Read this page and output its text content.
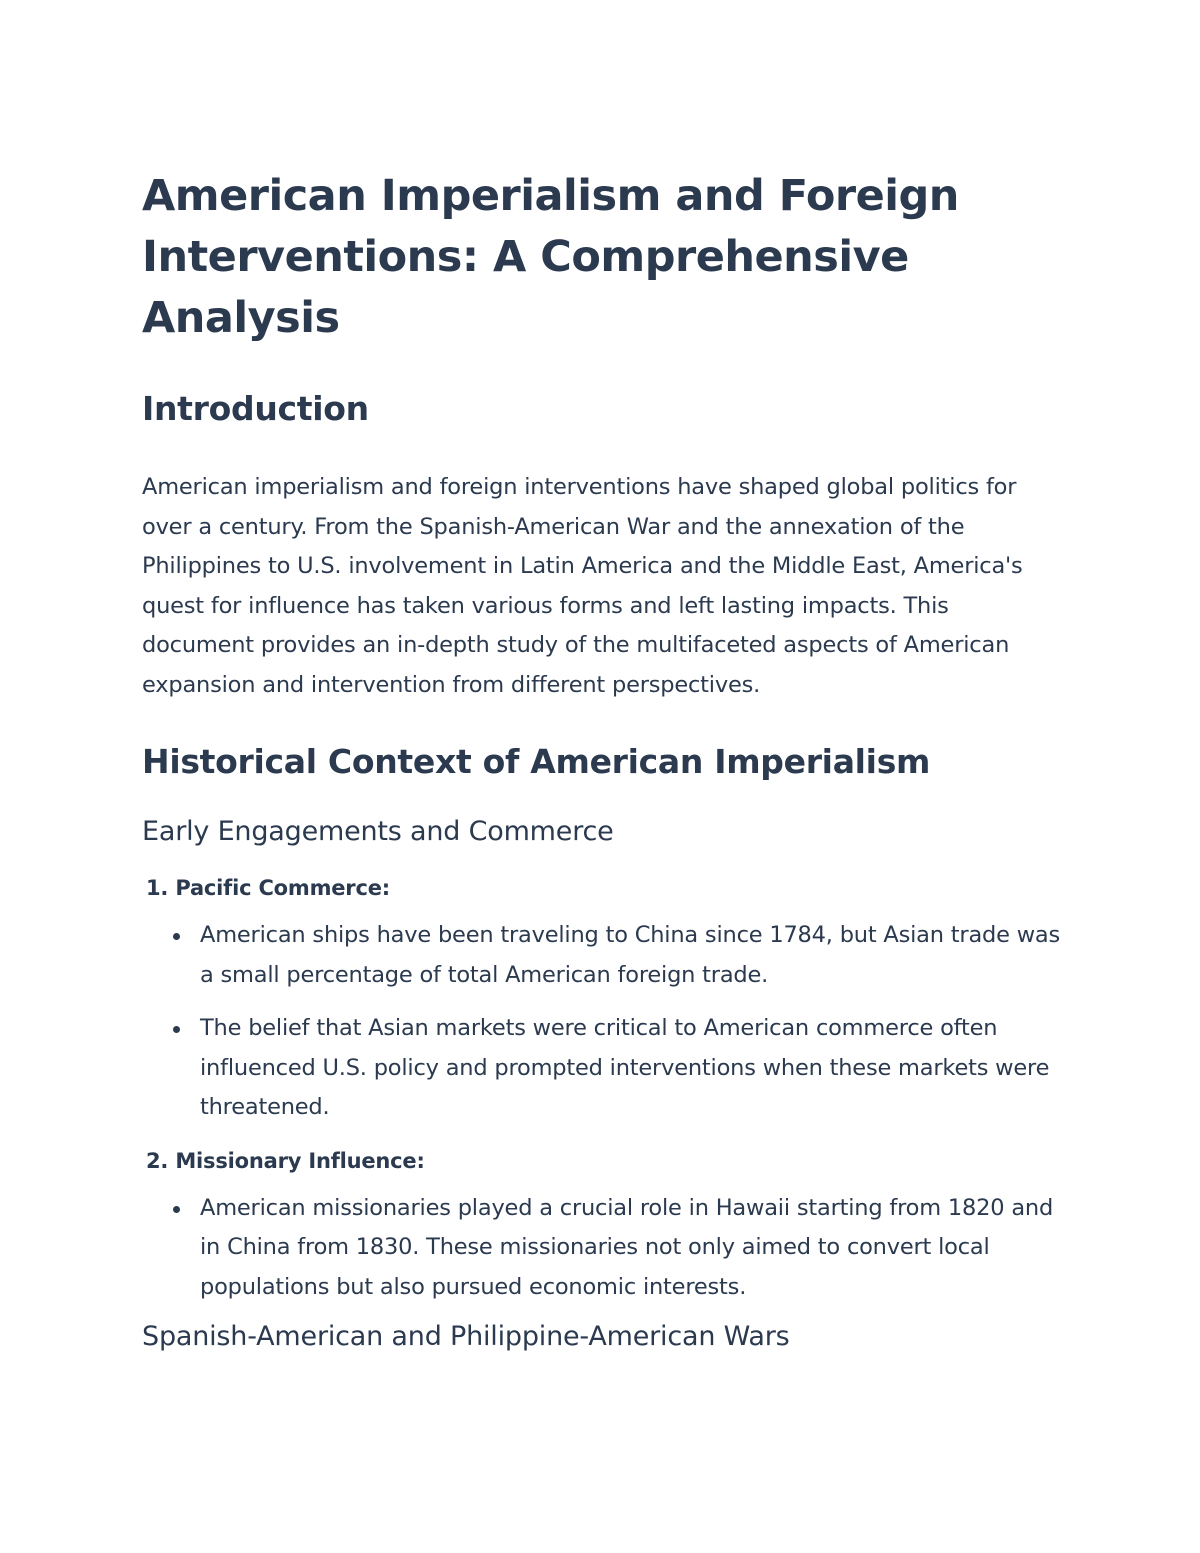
American Imperialism and Foreign Interventions: A Comprehensive Analysis
Introduction

American imperialism and foreign interventions have shaped global politics for over a century. From the Spanish-American War and the annexation of the Philippines to U.S. involvement in Latin America and the Middle East, America's quest for influence has taken various forms and left lasting impacts. This document provides an in-depth study of the multifaceted aspects of American expansion and intervention from different perspectives.

Historical Context of American Imperialism
Early Engagements and Commerce
1. Pacific Commerce:
American ships have been traveling to China since 1784, but Asian trade was a small percentage of total American foreign trade.
The belief that Asian markets were critical to American commerce often influenced U.S. policy and prompted interventions when these markets were threatened.
2. Missionary Influence:
American missionaries played a crucial role in Hawaii starting from 1820 and in China from 1830. These missionaries not only aimed to convert local populations but also pursued economic interests.
Spanish-American and Philippine-American Wars
